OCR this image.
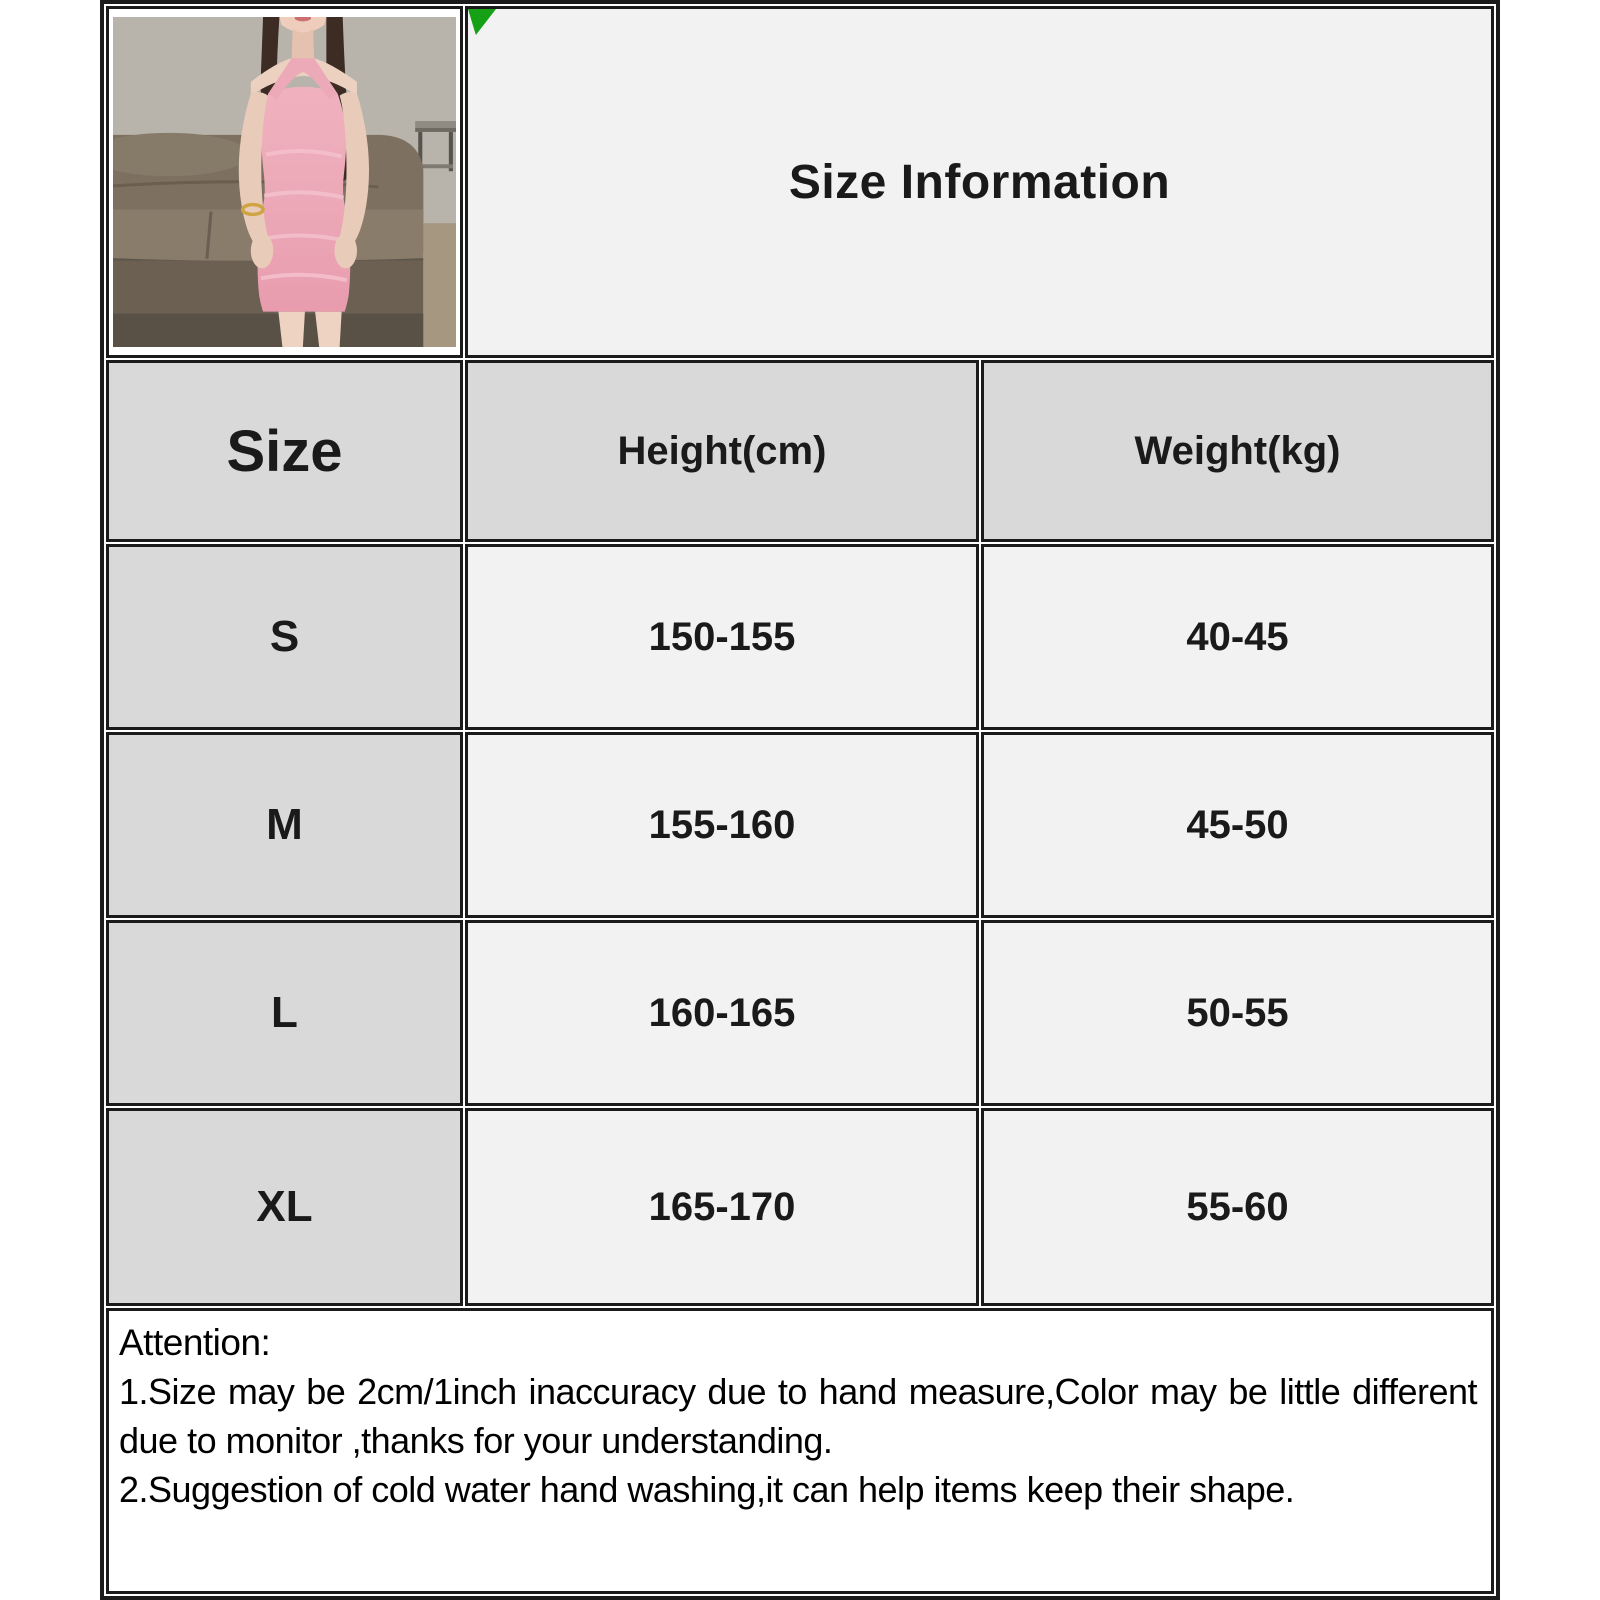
Size Information	
Size	Height(cm)	Weight(kg)
S	150-155	40-45
M	155-160	45-50
L	160-165	50-55
XL	165-170	55-60

Attention:

1.Size may be 2cm/1inch inaccuracy due to hand measure,Color may be little different due to monitor ,thanks for your understanding.

2.Suggestion of cold water hand washing,it can help items keep their shape.		
